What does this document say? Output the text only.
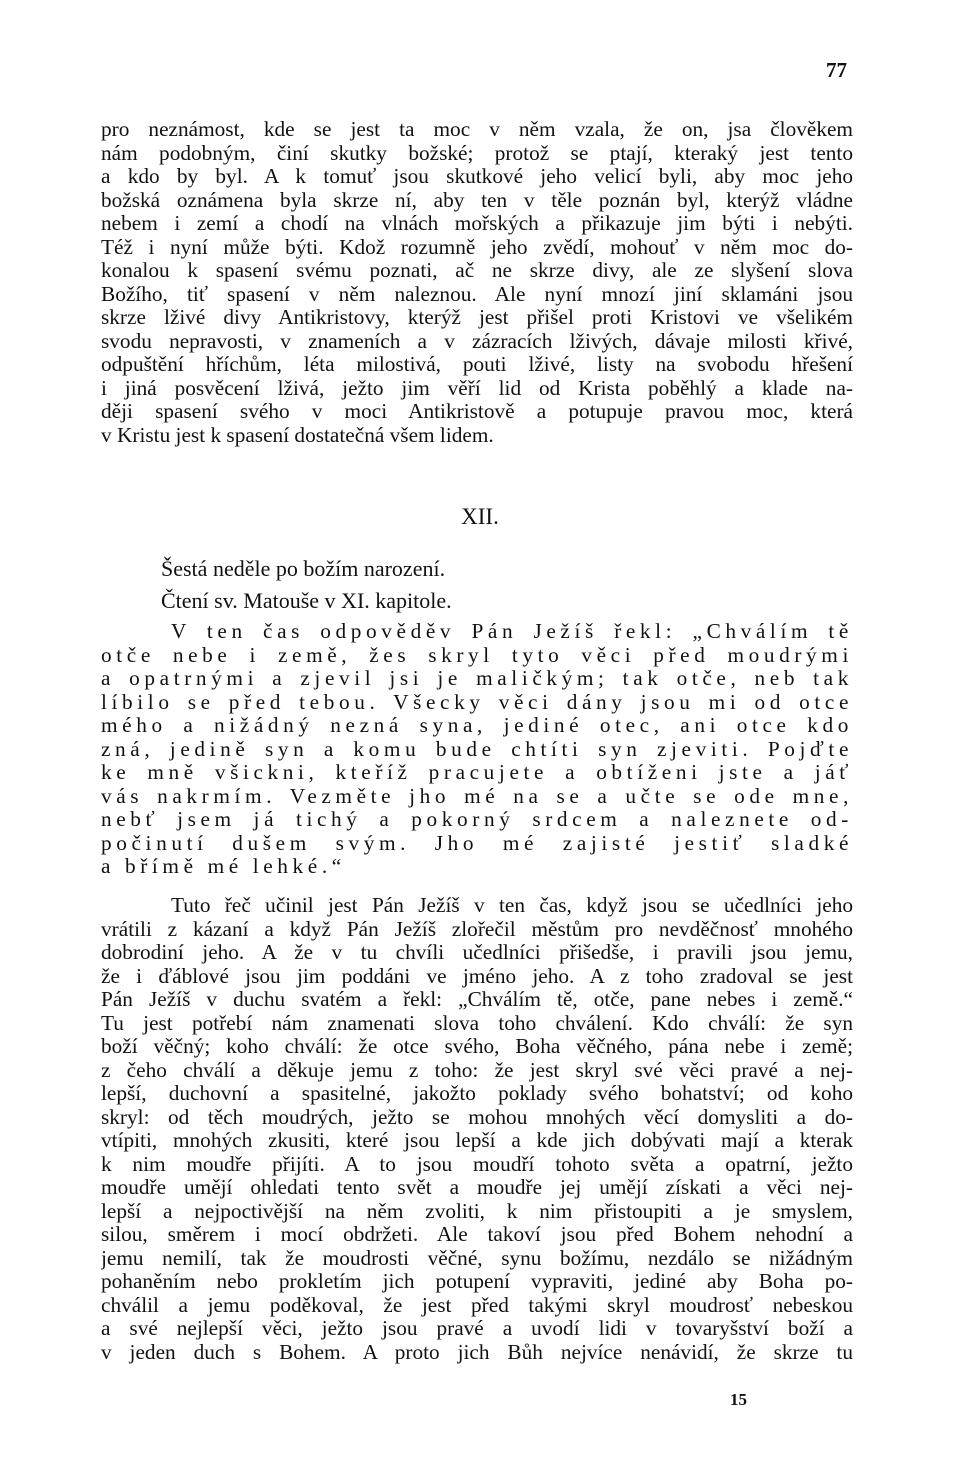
77
pro neznámost, kde se jest ta moc v něm vzala, že on, jsa člověkem
nám podobným, činí skutky božské; protož se ptají, kteraký jest tento
a kdo by byl. A k tomuť jsou skutkové jeho velicí byli, aby moc jeho
božská oznámena byla skrze ní, aby ten v těle poznán byl, kterýž vládne
nebem i zemí a chodí na vlnách mořských a přikazuje jim býti i nebýti.
Též i nyní může býti. Kdož rozumně jeho zvědí, mohouť v něm moc do-
konalou k spasení svému poznati, ač ne skrze divy, ale ze slyšení slova
Božího, tiť spasení v něm naleznou. Ale nyní mnozí jiní sklamáni jsou
skrze lživé divy Antikristovy, kterýž jest přišel proti Kristovi ve všelikém
svodu nepravosti, v znameních a v zázracích lživých, dávaje milosti křivé,
odpuštění hříchům, léta milostivá, pouti lživé, listy na svobodu hřešení
i jiná posvěcení lživá, ježto jim věří lid od Krista poběhlý a klade na-
ději spasení svého v moci Antikristově a potupuje pravou moc, která
v Kristu jest k spasení dostatečná všem lidem.
XII.
Šestá neděle po božím narození.
Čtení sv. Matouše v XI. kapitole.
V ten čas odpověděv Pán Ježíš řekl: „Chválím tě
otče nebe i země, žes skryl tyto věci před moudrými
a opatrnými a zjevil jsi je maličkým; tak otče, neb tak
líbilo se před tebou. Všecky věci dány jsou mi od otce
mého a nižádný nezná syna, jediné otec, ani otce kdo
zná, jedině syn a komu bude chtíti syn zjeviti. Pojďte
ke mně všickni, kteříž pracujete a obtíženi jste a jáť
vás nakrmím. Vezměte jho mé na se a učte se ode mne,
nebť jsem já tichý a pokorný srdcem a naleznete od-
počinutí dušem svým. Jho mé zajisté jestiť sladké
a břímě mé lehké.“
Tuto řeč učinil jest Pán Ježíš v ten čas, když jsou se učedlníci jeho
vrátili z kázaní a když Pán Ježíš zlořečil městům pro nevděčnosť mnohého
dobrodiní jeho. A že v tu chvíli učedlníci přišedše, i pravili jsou jemu,
že i ďáblové jsou jim poddáni ve jméno jeho. A z toho zradoval se jest
Pán Ježíš v duchu svatém a řekl: „Chválím tě, otče, pane nebes i země.“
Tu jest potřebí nám znamenati slova toho chválení. Kdo chválí: že syn
boží věčný; koho chválí: že otce svého, Boha věčného, pána nebe i země;
z čeho chválí a děkuje jemu z toho: že jest skryl své věci pravé a nej-
lepší, duchovní a spasitelné, jakožto poklady svého bohatství; od koho
skryl: od těch moudrých, ježto se mohou mnohých věcí domysliti a do-
vtípiti, mnohých zkusiti, které jsou lepší a kde jich dobývati mají a kterak
k nim moudře přijíti. A to jsou moudří tohoto světa a opatrní, ježto
moudře umějí ohledati tento svět a moudře jej umějí získati a věci nej-
lepší a nejpoctivější na něm zvoliti, k nim přistoupiti a je smyslem,
silou, směrem i mocí obdržeti. Ale takoví jsou před Bohem nehodní a
jemu nemilí, tak že moudrosti věčné, synu božímu, nezdálo se nižádným
pohaněním nebo prokletím jich potupení vypraviti, jediné aby Boha po-
chválil a jemu poděkoval, že jest před takými skryl moudrosť nebeskou
a své nejlepší věci, ježto jsou pravé a uvodí lidi v tovaryšství boží a
v jeden duch s Bohem. A proto jich Bůh nejvíce nenávidí, že skrze tu
15
